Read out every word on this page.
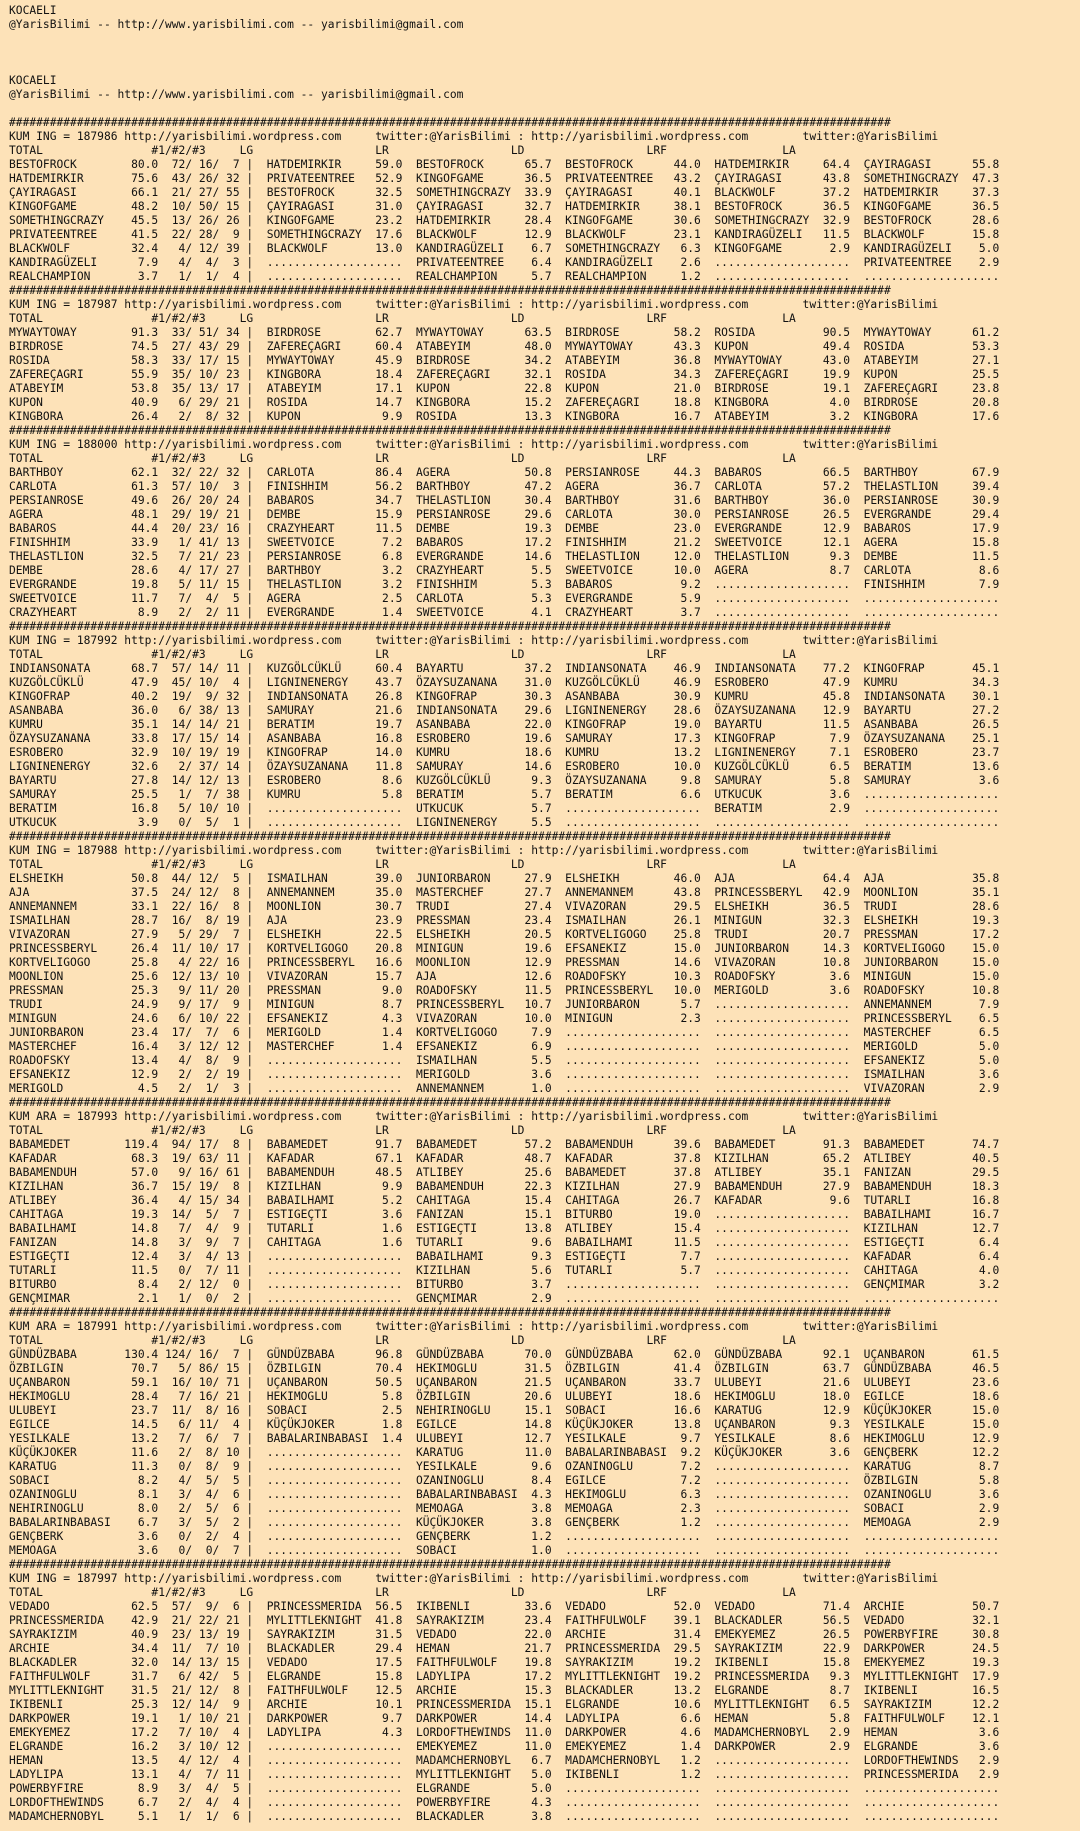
KOCAELI
@YarisBilimi -- http://www.yarisbilimi.com -- yarisbilimi@gmail.com
KOCAELI
@YarisBilimi -- http://www.yarisbilimi.com -- yarisbilimi@gmail.com
##################################################################################################################################
KUM ING = 187986 http://yarisbilimi.wordpress.com     twitter:@YarisBilimi : http://yarisbilimi.wordpress.com        twitter:@YarisBilimi
TOTAL                #1/#2/#3     LG                  LR                  LD                  LRF                 LA
BESTOFROCK        80.0  72/ 16/  7 |  HATDEMIRKIR     59.0  BESTOFROCK      65.7  BESTOFROCK      44.0  HATDEMIRKIR     64.4  ÇAYIRAGASI      55.8
HATDEMIRKIR       75.6  43/ 26/ 32 |  PRIVATEENTREE   52.9  KINGOFGAME      36.5  PRIVATEENTREE   43.2  ÇAYIRAGASI      43.8  SOMETHINGCRAZY  47.3
ÇAYIRAGASI        66.1  21/ 27/ 55 |  BESTOFROCK      32.5  SOMETHINGCRAZY  33.9  ÇAYIRAGASI      40.1  BLACKWOLF       37.2  HATDEMIRKIR     37.3
KINGOFGAME        48.2  10/ 50/ 15 |  ÇAYIRAGASI      31.0  ÇAYIRAGASI      32.7  HATDEMIRKIR     38.1  BESTOFROCK      36.5  KINGOFGAME      36.5
SOMETHINGCRAZY    45.5  13/ 26/ 26 |  KINGOFGAME      23.2  HATDEMIRKIR     28.4  KINGOFGAME      30.6  SOMETHINGCRAZY  32.9  BESTOFROCK      28.6
PRIVATEENTREE     41.5  22/ 28/  9 |  SOMETHINGCRAZY  17.6  BLACKWOLF       12.9  BLACKWOLF       23.1  KANDIRAGÜZELI   11.5  BLACKWOLF       15.8
BLACKWOLF         32.4   4/ 12/ 39 |  BLACKWOLF       13.0  KANDIRAGÜZELI    6.7  SOMETHINGCRAZY   6.3  KINGOFGAME       2.9  KANDIRAGÜZELI    5.0
KANDIRAGÜZELI      7.9   4/  4/  3 |  ....................  PRIVATEENTREE    6.4  KANDIRAGÜZELI    2.6  ....................  PRIVATEENTREE    2.9
REALCHAMPION       3.7   1/  1/  4 |  ....................  REALCHAMPION     5.7  REALCHAMPION     1.2  ....................  ....................
##################################################################################################################################
KUM ING = 187987 http://yarisbilimi.wordpress.com     twitter:@YarisBilimi : http://yarisbilimi.wordpress.com        twitter:@YarisBilimi
TOTAL                #1/#2/#3     LG                  LR                  LD                  LRF                 LA
MYWAYTOWAY        91.3  33/ 51/ 34 |  BIRDROSE        62.7  MYWAYTOWAY      63.5  BIRDROSE        58.2  ROSIDA          90.5  MYWAYTOWAY      61.2
BIRDROSE          74.5  27/ 43/ 29 |  ZAFEREÇAGRI     60.4  ATABEYIM        48.0  MYWAYTOWAY      43.3  KUPON           49.4  ROSIDA          53.3
ROSIDA            58.3  33/ 17/ 15 |  MYWAYTOWAY      45.9  BIRDROSE        34.2  ATABEYIM        36.8  MYWAYTOWAY      43.0  ATABEYIM        27.1
ZAFEREÇAGRI       55.9  35/ 10/ 23 |  KINGBORA        18.4  ZAFEREÇAGRI     32.1  ROSIDA          34.3  ZAFEREÇAGRI     19.9  KUPON           25.5
ATABEYIM          53.8  35/ 13/ 17 |  ATABEYIM        17.1  KUPON           22.8  KUPON           21.0  BIRDROSE        19.1  ZAFEREÇAGRI     23.8
KUPON             40.9   6/ 29/ 21 |  ROSIDA          14.7  KINGBORA        15.2  ZAFEREÇAGRI     18.8  KINGBORA         4.0  BIRDROSE        20.8
KINGBORA          26.4   2/  8/ 32 |  KUPON            9.9  ROSIDA          13.3  KINGBORA        16.7  ATABEYIM         3.2  KINGBORA        17.6
##################################################################################################################################
KUM ING = 188000 http://yarisbilimi.wordpress.com     twitter:@YarisBilimi : http://yarisbilimi.wordpress.com        twitter:@YarisBilimi
TOTAL                #1/#2/#3     LG                  LR                  LD                  LRF                 LA
BARTHBOY          62.1  32/ 22/ 32 |  CARLOTA         86.4  AGERA           50.8  PERSIANROSE     44.3  BABAROS         66.5  BARTHBOY        67.9
CARLOTA           61.3  57/ 10/  3 |  FINISHHIM       56.2  BARTHBOY        47.2  AGERA           36.7  CARLOTA         57.2  THELASTLION     39.4
PERSIANROSE       49.6  26/ 20/ 24 |  BABAROS         34.7  THELASTLION     30.4  BARTHBOY        31.6  BARTHBOY        36.0  PERSIANROSE     30.9
AGERA             48.1  29/ 19/ 21 |  DEMBE           15.9  PERSIANROSE     29.6  CARLOTA         30.0  PERSIANROSE     26.5  EVERGRANDE      29.4
BABAROS           44.4  20/ 23/ 16 |  CRAZYHEART      11.5  DEMBE           19.3  DEMBE           23.0  EVERGRANDE      12.9  BABAROS         17.9
FINISHHIM         33.9   1/ 41/ 13 |  SWEETVOICE       7.2  BABAROS         17.2  FINISHHIM       21.2  SWEETVOICE      12.1  AGERA           15.8
THELASTLION       32.5   7/ 21/ 23 |  PERSIANROSE      6.8  EVERGRANDE      14.6  THELASTLION     12.0  THELASTLION      9.3  DEMBE           11.5
DEMBE             28.6   4/ 17/ 27 |  BARTHBOY         3.2  CRAZYHEART       5.5  SWEETVOICE      10.0  AGERA            8.7  CARLOTA          8.6
EVERGRANDE        19.8   5/ 11/ 15 |  THELASTLION      3.2  FINISHHIM        5.3  BABAROS          9.2  ....................  FINISHHIM        7.9
SWEETVOICE        11.7   7/  4/  5 |  AGERA            2.5  CARLOTA          5.3  EVERGRANDE       5.9  ....................  ....................
CRAZYHEART         8.9   2/  2/ 11 |  EVERGRANDE       1.4  SWEETVOICE       4.1  CRAZYHEART       3.7  ....................  ....................
##################################################################################################################################
KUM ING = 187992 http://yarisbilimi.wordpress.com     twitter:@YarisBilimi : http://yarisbilimi.wordpress.com        twitter:@YarisBilimi
TOTAL                #1/#2/#3     LG                  LR                  LD                  LRF                 LA
INDIANSONATA      68.7  57/ 14/ 11 |  KUZGÖLCÜKLÜ     60.4  BAYARTU         37.2  INDIANSONATA    46.9  INDIANSONATA    77.2  KINGOFRAP       45.1
KUZGÖLCÜKLÜ       47.9  45/ 10/  4 |  LIGNINENERGY    43.7  ÖZAYSUZANANA    31.0  KUZGÖLCÜKLÜ     46.9  ESROBERO        47.9  KUMRU           34.3
KINGOFRAP         40.2  19/  9/ 32 |  INDIANSONATA    26.8  KINGOFRAP       30.3  ASANBABA        30.9  KUMRU           45.8  INDIANSONATA    30.1
ASANBABA          36.0   6/ 38/ 13 |  SAMURAY         21.6  INDIANSONATA    29.6  LIGNINENERGY    28.6  ÖZAYSUZANANA    12.9  BAYARTU         27.2
KUMRU             35.1  14/ 14/ 21 |  BERATIM         19.7  ASANBABA        22.0  KINGOFRAP       19.0  BAYARTU         11.5  ASANBABA        26.5
ÖZAYSUZANANA      33.8  17/ 15/ 14 |  ASANBABA        16.8  ESROBERO        19.6  SAMURAY         17.3  KINGOFRAP        7.9  ÖZAYSUZANANA    25.1
ESROBERO          32.9  10/ 19/ 19 |  KINGOFRAP       14.0  KUMRU           18.6  KUMRU           13.2  LIGNINENERGY     7.1  ESROBERO        23.7
LIGNINENERGY      32.6   2/ 37/ 14 |  ÖZAYSUZANANA    11.8  SAMURAY         14.6  ESROBERO        10.0  KUZGÖLCÜKLÜ      6.5  BERATIM         13.6
BAYARTU           27.8  14/ 12/ 13 |  ESROBERO         8.6  KUZGÖLCÜKLÜ      9.3  ÖZAYSUZANANA     9.8  SAMURAY          5.8  SAMURAY          3.6
SAMURAY           25.5   1/  7/ 38 |  KUMRU            5.8  BERATIM          5.7  BERATIM          6.6  UTKUCUK          3.6  ....................
BERATIM           16.8   5/ 10/ 10 |  ....................  UTKUCUK          5.7  ....................  BERATIM          2.9  ....................
UTKUCUK            3.9   0/  5/  1 |  ....................  LIGNINENERGY     5.5  ....................  ....................  ....................
##################################################################################################################################
KUM ING = 187988 http://yarisbilimi.wordpress.com     twitter:@YarisBilimi : http://yarisbilimi.wordpress.com        twitter:@YarisBilimi
TOTAL                #1/#2/#3     LG                  LR                  LD                  LRF                 LA
ELSHEIKH          50.8  44/ 12/  5 |  ISMAILHAN       39.0  JUNIORBARON     27.9  ELSHEIKH        46.0  AJA             64.4  AJA             35.8
AJA               37.5  24/ 12/  8 |  ANNEMANNEM      35.0  MASTERCHEF      27.7  ANNEMANNEM      43.8  PRINCESSBERYL   42.9  MOONLION        35.1
ANNEMANNEM        33.1  22/ 16/  8 |  MOONLION        30.7  TRUDI           27.4  VIVAZORAN       29.5  ELSHEIKH        36.5  TRUDI           28.6
ISMAILHAN         28.7  16/  8/ 19 |  AJA             23.9  PRESSMAN        23.4  ISMAILHAN       26.1  MINIGUN         32.3  ELSHEIKH        19.3
VIVAZORAN         27.9   5/ 29/  7 |  ELSHEIKH        22.5  ELSHEIKH        20.5  KORTVELIGOGO    25.8  TRUDI           20.7  PRESSMAN        17.2
PRINCESSBERYL     26.4  11/ 10/ 17 |  KORTVELIGOGO    20.8  MINIGUN         19.6  EFSANEKIZ       15.0  JUNIORBARON     14.3  KORTVELIGOGO    15.0
KORTVELIGOGO      25.8   4/ 22/ 16 |  PRINCESSBERYL   16.6  MOONLION        12.9  PRESSMAN        14.6  VIVAZORAN       10.8  JUNIORBARON     15.0
MOONLION          25.6  12/ 13/ 10 |  VIVAZORAN       15.7  AJA             12.6  ROADOFSKY       10.3  ROADOFSKY        3.6  MINIGUN         15.0
PRESSMAN          25.3   9/ 11/ 20 |  PRESSMAN         9.0  ROADOFSKY       11.5  PRINCESSBERYL   10.0  MERIGOLD         3.6  ROADOFSKY       10.8
TRUDI             24.9   9/ 17/  9 |  MINIGUN          8.7  PRINCESSBERYL   10.7  JUNIORBARON      5.7  ....................  ANNEMANNEM       7.9
MINIGUN           24.6   6/ 10/ 22 |  EFSANEKIZ        4.3  VIVAZORAN       10.0  MINIGUN          2.3  ....................  PRINCESSBERYL    6.5
JUNIORBARON       23.4  17/  7/  6 |  MERIGOLD         1.4  KORTVELIGOGO     7.9  ....................  ....................  MASTERCHEF       6.5
MASTERCHEF        16.4   3/ 12/ 12 |  MASTERCHEF       1.4  EFSANEKIZ        6.9  ....................  ....................  MERIGOLD         5.0
ROADOFSKY         13.4   4/  8/  9 |  ....................  ISMAILHAN        5.5  ....................  ....................  EFSANEKIZ        5.0
EFSANEKIZ         12.9   2/  2/ 19 |  ....................  MERIGOLD         3.6  ....................  ....................  ISMAILHAN        3.6
MERIGOLD           4.5   2/  1/  3 |  ....................  ANNEMANNEM       1.0  ....................  ....................  VIVAZORAN        2.9
##################################################################################################################################
KUM ARA = 187993 http://yarisbilimi.wordpress.com     twitter:@YarisBilimi : http://yarisbilimi.wordpress.com        twitter:@YarisBilimi
TOTAL                #1/#2/#3     LG                  LR                  LD                  LRF                 LA
BABAMEDET        119.4  94/ 17/  8 |  BABAMEDET       91.7  BABAMEDET       57.2  BABAMENDUH      39.6  BABAMEDET       91.3  BABAMEDET       74.7
KAFADAR           68.3  19/ 63/ 11 |  KAFADAR         67.1  KAFADAR         48.7  KAFADAR         37.8  KIZILHAN        65.2  ATLIBEY         40.5
BABAMENDUH        57.0   9/ 16/ 61 |  BABAMENDUH      48.5  ATLIBEY         25.6  BABAMEDET       37.8  ATLIBEY         35.1  FANIZAN         29.5
KIZILHAN          36.7  15/ 19/  8 |  KIZILHAN         9.9  BABAMENDUH      22.3  KIZILHAN        27.9  BABAMENDUH      27.9  BABAMENDUH      18.3
ATLIBEY           36.4   4/ 15/ 34 |  BABAILHAMI       5.2  CAHITAGA        15.4  CAHITAGA        26.7  KAFADAR          9.6  TUTARLI         16.8
CAHITAGA          19.3  14/  5/  7 |  ESTIGEÇTI        3.6  FANIZAN         15.1  BITURBO         19.0  ....................  BABAILHAMI      16.7
BABAILHAMI        14.8   7/  4/  9 |  TUTARLI          1.6  ESTIGEÇTI       13.8  ATLIBEY         15.4  ....................  KIZILHAN        12.7
FANIZAN           14.8   3/  9/  7 |  CAHITAGA         1.6  TUTARLI          9.6  BABAILHAMI      11.5  ....................  ESTIGEÇTI        6.4
ESTIGEÇTI         12.4   3/  4/ 13 |  ....................  BABAILHAMI       9.3  ESTIGEÇTI        7.7  ....................  KAFADAR          6.4
TUTARLI           11.5   0/  7/ 11 |  ....................  KIZILHAN         5.6  TUTARLI          5.7  ....................  CAHITAGA         4.0
BITURBO            8.4   2/ 12/  0 |  ....................  BITURBO          3.7  ....................  ....................  GENÇMIMAR        3.2
GENÇMIMAR          2.1   1/  0/  2 |  ....................  GENÇMIMAR        2.9  ....................  ....................  ....................
##################################################################################################################################
KUM ARA = 187991 http://yarisbilimi.wordpress.com     twitter:@YarisBilimi : http://yarisbilimi.wordpress.com        twitter:@YarisBilimi
TOTAL                #1/#2/#3     LG                  LR                  LD                  LRF                 LA
GÜNDÜZBABA       130.4 124/ 16/  7 |  GÜNDÜZBABA      96.8  GÜNDÜZBABA      70.0  GÜNDÜZBABA      62.0  GÜNDÜZBABA      92.1  UÇANBARON       61.5
ÖZBILGIN          70.7   5/ 86/ 15 |  ÖZBILGIN        70.4  HEKIMOGLU       31.5  ÖZBILGIN        41.4  ÖZBILGIN        63.7  GÜNDÜZBABA      46.5
UÇANBARON         59.1  16/ 10/ 71 |  UÇANBARON       50.5  UÇANBARON       21.5  UÇANBARON       33.7  ULUBEYI         21.6  ULUBEYI         23.6
HEKIMOGLU         28.4   7/ 16/ 21 |  HEKIMOGLU        5.8  ÖZBILGIN        20.6  ULUBEYI         18.6  HEKIMOGLU       18.0  EGILCE          18.6
ULUBEYI           23.7  11/  8/ 16 |  SOBACI           2.5  NEHIRINOGLU     15.1  SOBACI          16.6  KARATUG         12.9  KÜÇÜKJOKER      15.0
EGILCE            14.5   6/ 11/  4 |  KÜÇÜKJOKER       1.8  EGILCE          14.8  KÜÇÜKJOKER      13.8  UÇANBARON        9.3  YESILKALE       15.0
YESILKALE         13.2   7/  6/  7 |  BABALARINBABASI  1.4  ULUBEYI         12.7  YESILKALE        9.7  YESILKALE        8.6  HEKIMOGLU       12.9
KÜÇÜKJOKER        11.6   2/  8/ 10 |  ....................  KARATUG         11.0  BABALARINBABASI  9.2  KÜÇÜKJOKER       3.6  GENÇBERK        12.2
KARATUG           11.3   0/  8/  9 |  ....................  YESILKALE        9.6  OZANINOGLU       7.2  ....................  KARATUG          8.7
SOBACI             8.2   4/  5/  5 |  ....................  OZANINOGLU       8.4  EGILCE           7.2  ....................  ÖZBILGIN         5.8
OZANINOGLU         8.1   3/  4/  6 |  ....................  BABALARINBABASI  4.3  HEKIMOGLU        6.3  ....................  OZANINOGLU       3.6
NEHIRINOGLU        8.0   2/  5/  6 |  ....................  MEMOAGA          3.8  MEMOAGA          2.3  ....................  SOBACI           2.9
BABALARINBABASI    6.7   3/  5/  2 |  ....................  KÜÇÜKJOKER       3.8  GENÇBERK         1.2  ....................  MEMOAGA          2.9
GENÇBERK           3.6   0/  2/  4 |  ....................  GENÇBERK         1.2  ....................  ....................  ....................
MEMOAGA            3.6   0/  0/  7 |  ....................  SOBACI           1.0  ....................  ....................  ....................
##################################################################################################################################
KUM ING = 187997 http://yarisbilimi.wordpress.com     twitter:@YarisBilimi : http://yarisbilimi.wordpress.com        twitter:@YarisBilimi
TOTAL                #1/#2/#3     LG                  LR                  LD                  LRF                 LA
VEDADO            62.5  57/  9/  6 |  PRINCESSMERIDA  56.5  IKIBENLI        33.6  VEDADO          52.0  VEDADO          71.4  ARCHIE          50.7
PRINCESSMERIDA    42.9  21/ 22/ 21 |  MYLITTLEKNIGHT  41.8  SAYRAKIZIM      23.4  FAITHFULWOLF    39.1  BLACKADLER      56.5  VEDADO          32.1
SAYRAKIZIM        40.9  23/ 13/ 19 |  SAYRAKIZIM      31.5  VEDADO          22.0  ARCHIE          31.4  EMEKYEMEZ       26.5  POWERBYFIRE     30.8
ARCHIE            34.4  11/  7/ 10 |  BLACKADLER      29.4  HEMAN           21.7  PRINCESSMERIDA  29.5  SAYRAKIZIM      22.9  DARKPOWER       24.5
BLACKADLER        32.0  14/ 13/ 15 |  VEDADO          17.5  FAITHFULWOLF    19.8  SAYRAKIZIM      19.2  IKIBENLI        15.8  EMEKYEMEZ       19.3
FAITHFULWOLF      31.7   6/ 42/  5 |  ELGRANDE        15.8  LADYLIPA        17.2  MYLITTLEKNIGHT  19.2  PRINCESSMERIDA   9.3  MYLITTLEKNIGHT  17.9
MYLITTLEKNIGHT    31.5  21/ 12/  8 |  FAITHFULWOLF    12.5  ARCHIE          15.3  BLACKADLER      13.2  ELGRANDE         8.7  IKIBENLI        16.5
IKIBENLI          25.3  12/ 14/  9 |  ARCHIE          10.1  PRINCESSMERIDA  15.1  ELGRANDE        10.6  MYLITTLEKNIGHT   6.5  SAYRAKIZIM      12.2
DARKPOWER         19.1   1/ 10/ 21 |  DARKPOWER        9.7  DARKPOWER       14.4  LADYLIPA         6.6  HEMAN            5.8  FAITHFULWOLF    12.1
EMEKYEMEZ         17.2   7/ 10/  4 |  LADYLIPA         4.3  LORDOFTHEWINDS  11.0  DARKPOWER        4.6  MADAMCHERNOBYL   2.9  HEMAN            3.6
ELGRANDE          16.2   3/ 10/ 12 |  ....................  EMEKYEMEZ       11.0  EMEKYEMEZ        1.4  DARKPOWER        2.9  ELGRANDE         3.6
HEMAN             13.5   4/ 12/  4 |  ....................  MADAMCHERNOBYL   6.7  MADAMCHERNOBYL   1.2  ....................  LORDOFTHEWINDS   2.9
LADYLIPA          13.1   4/  7/ 11 |  ....................  MYLITTLEKNIGHT   5.0  IKIBENLI         1.2  ....................  PRINCESSMERIDA   2.9
POWERBYFIRE        8.9   3/  4/  5 |  ....................  ELGRANDE         5.0  ....................  ....................  ....................
LORDOFTHEWINDS     6.7   2/  4/  4 |  ....................  POWERBYFIRE      4.3  ....................  ....................  ....................
MADAMCHERNOBYL     5.1   1/  1/  6 |  ....................  BLACKADLER       3.8  ....................  ....................  ....................
